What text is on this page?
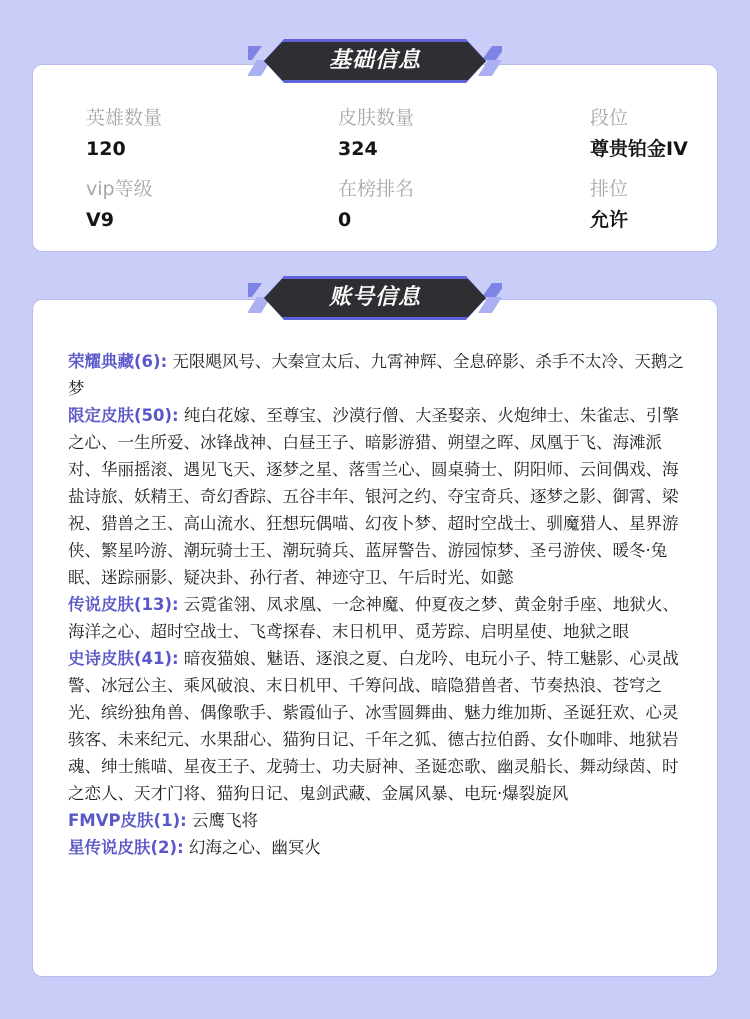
英雄数量
120
皮肤数量
324
段位
尊贵铂金IV
vip等级
V9
在榜排名
0
排位
允许
基础信息

荣耀典藏(6): 无限飓风号、大秦宣太后、九霄神辉、全息碎影、杀手不太冷、天鹅之梦

限定皮肤(50): 纯白花嫁、至尊宝、沙漠行僧、大圣娶亲、火炮绅士、朱雀志、引擎之心、一生所爱、冰锋战神、白昼王子、暗影游猎、朔望之晖、凤凰于飞、海滩派对、华丽摇滚、遇见飞天、逐梦之星、落雪兰心、圆桌骑士、阴阳师、云间偶戏、海盐诗旅、妖精王、奇幻香踪、五谷丰年、银河之约、夺宝奇兵、逐梦之影、御霄、梁祝、猎兽之王、高山流水、狂想玩偶喵、幻夜卜梦、超时空战士、驯魔猎人、星界游侠、繁星吟游、潮玩骑士王、潮玩骑兵、蓝屏警告、游园惊梦、圣弓游侠、暖冬·兔眠、迷踪丽影、疑决卦、孙行者、神迹守卫、午后时光、如懿

传说皮肤(13): 云霓雀翎、凤求凰、一念神魔、仲夏夜之梦、黄金射手座、地狱火、海洋之心、超时空战士、飞鸢探春、末日机甲、觅芳踪、启明星使、地狱之眼

史诗皮肤(41): 暗夜猫娘、魅语、逐浪之夏、白龙吟、电玩小子、特工魅影、心灵战警、冰冠公主、乘风破浪、末日机甲、千筹问战、暗隐猎兽者、节奏热浪、苍穹之光、缤纷独角兽、偶像歌手、紫霞仙子、冰雪圆舞曲、魅力维加斯、圣诞狂欢、心灵骇客、未来纪元、水果甜心、猫狗日记、千年之狐、德古拉伯爵、女仆咖啡、地狱岩魂、绅士熊喵、星夜王子、龙骑士、功夫厨神、圣诞恋歌、幽灵船长、舞动绿茵、时之恋人、天才门将、猫狗日记、鬼剑武藏、金属风暴、电玩·爆裂旋风

FMVP皮肤(1): 云鹰飞将

星传说皮肤(2): 幻海之心、幽冥火

账号信息
